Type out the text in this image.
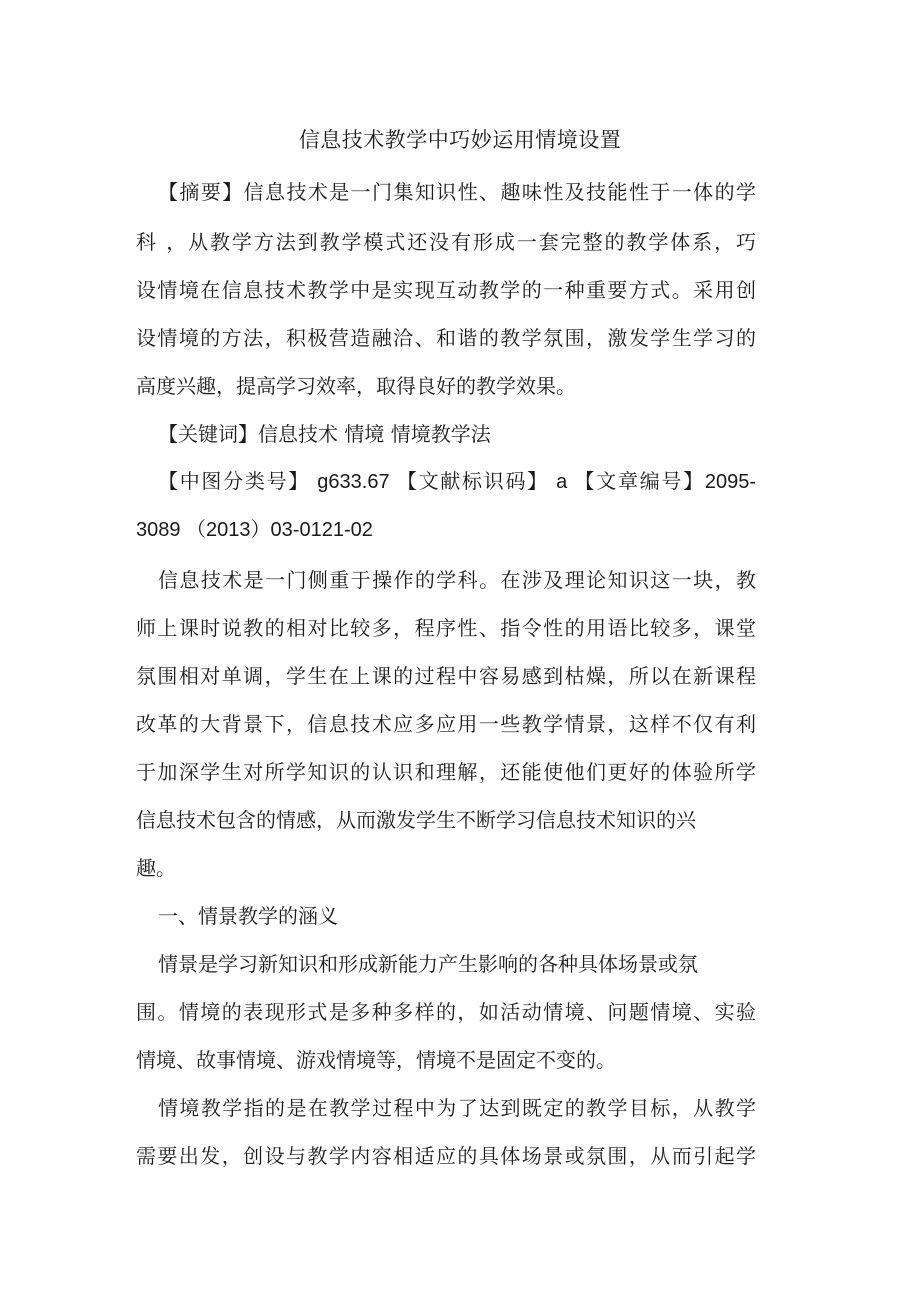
信息技术教学中巧妙运用情境设置
【摘要】信息技术是一门集知识性、趣味性及技能性于一体的学
科 ，从教学方法到教学模式还没有形成一套完整的教学体系，巧
设情境在信息技术教学中是实现互动教学的一种重要方式。采用创
设情境的方法，积极营造融洽、和谐的教学氛围，激发学生学习的
高度兴趣，提高学习效率，取得良好的教学效果。
【关键词】信息技术 情境 情境教学法
【中图分类号】 g633.67 【文献标识码】 a 【文章编号】2095-
3089 （2013）03-0121-02
信息技术是一门侧重于操作的学科。在涉及理论知识这一块，教
师上课时说教的相对比较多，程序性、指令性的用语比较多，课堂
氛围相对单调，学生在上课的过程中容易感到枯燥，所以在新课程
改革的大背景下，信息技术应多应用一些教学情景，这样不仅有利
于加深学生对所学知识的认识和理解，还能使他们更好的体验所学
信息技术包含的情感，从而激发学生不断学习信息技术知识的兴
趣。
一、情景教学的涵义
情景是学习新知识和形成新能力产生影响的各种具体场景或氛
围。情境的表现形式是多种多样的，如活动情境、问题情境、实验
情境、故事情境、游戏情境等，情境不是固定不变的。
情境教学指的是在教学过程中为了达到既定的教学目标，从教学
需要出发，创设与教学内容相适应的具体场景或氛围，从而引起学
